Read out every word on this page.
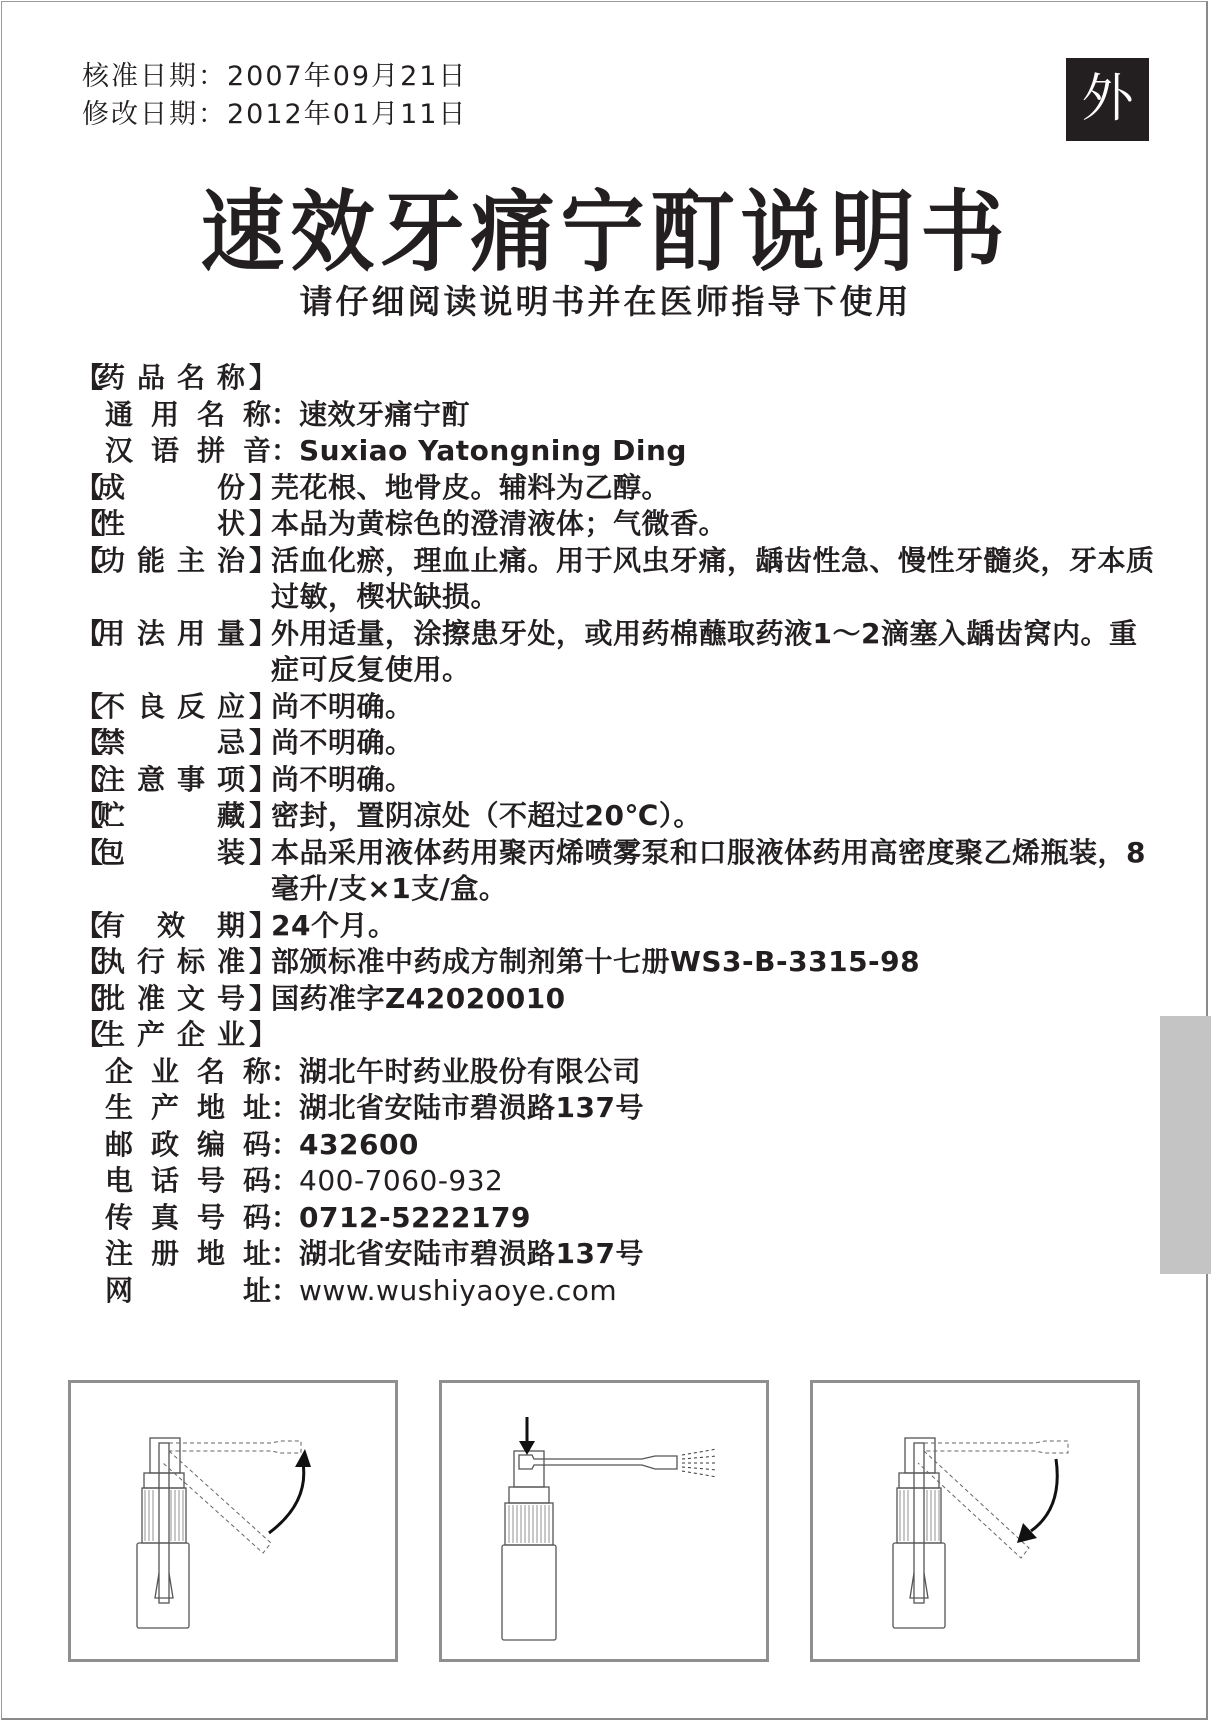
核准日期：2007年09月21日
修改日期：2012年01月11日	外
速效牙痛宁酊说明书
请仔细阅读说明书并在医师指导下使用
【
药 品 名 称 】
通 用 名 称 ： 速效牙痛宁酊
汉 语 拼 音 ： Suxiao Yatongning Ding
【
成	份 】
芫花根、地骨皮。辅料为乙醇。
【
性	状 】
本品为黄棕色的澄清液体；气微香。
【
功 能 主 治 】
活血化瘀，理血止痛。用于风虫牙痛，龋齿性急、慢性牙髓炎，牙本质过敏，楔状缺损。
【
用 法 用 量 】
外用适量，涂擦患牙处，或用药棉蘸取药液1～2滴塞入龋齿窝内。重症可反复使用。
【
不 良 反 应 】
尚不明确。
【
禁	忌 】
尚不明确。
【
注 意 事 项 】
尚不明确。
【
贮	藏 】
密封，置阴凉处（不超过20℃）。
【
包	装 】
本品采用液体药用聚丙烯喷雾泵和口服液体药用高密度聚乙烯瓶装，8毫升/支×1支/盒。
【
有 效 期 】
24个月。
【
执 行 标 准 】
部颁标准中药成方制剂第十七册WS3-B-3315-98
【
批 准 文 号 】
国药准字Z42020010
【
生 产 企 业 】
企 业 名 称 ： 湖北午时药业股份有限公司
生 产 地 址 ： 湖北省安陆市碧涢路137号
邮 政 编 码 ： 432600
电 话 号 码 ： 400-7060-932
传 真 号 码 ： 0712-5222179
注 册 地 址 ： 湖北省安陆市碧涢路137号
网	址 ： www.wushiyaoye.com
